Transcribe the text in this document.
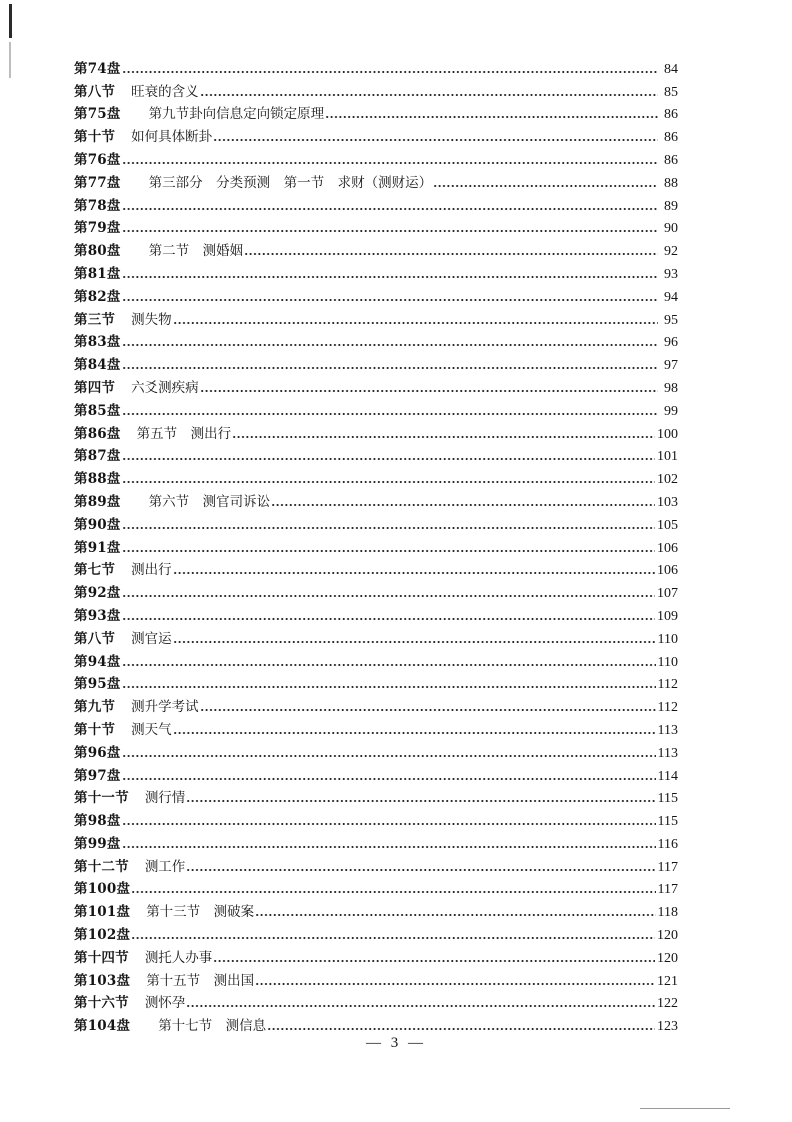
第74盘	84
第八节 旺衰的含义	85
第75盘 第九节卦向信息定向锁定原理	86
第十节 如何具体断卦	86
第76盘	86
第77盘 第三部分　分类预测　第一节　求财（测财运）	88
第78盘	89
第79盘	90
第80盘 第二节　测婚姻	92
第81盘	93
第82盘	94
第三节 测失物	95
第83盘	96
第84盘	97
第四节 六爻测疾病	98
第85盘	99
第86盘 第五节　测出行	100
第87盘	101
第88盘	102
第89盘 第六节　测官司诉讼	103
第90盘	105
第91盘	106
第七节 测出行	106
第92盘	107
第93盘	109
第八节 测官运	110
第94盘	110
第95盘	112
第九节 测升学考试	112
第十节 测天气	113
第96盘	113
第97盘	114
第十一节 测行情	115
第98盘	115
第99盘	116
第十二节 测工作	117
第100盘	117
第101盘 第十三节　测破案	118
第102盘	120
第十四节 测托人办事	120
第103盘 第十五节　测出国	121
第十六节 测怀孕	122
第104盘 第十七节　测信息	123
— 3 —
